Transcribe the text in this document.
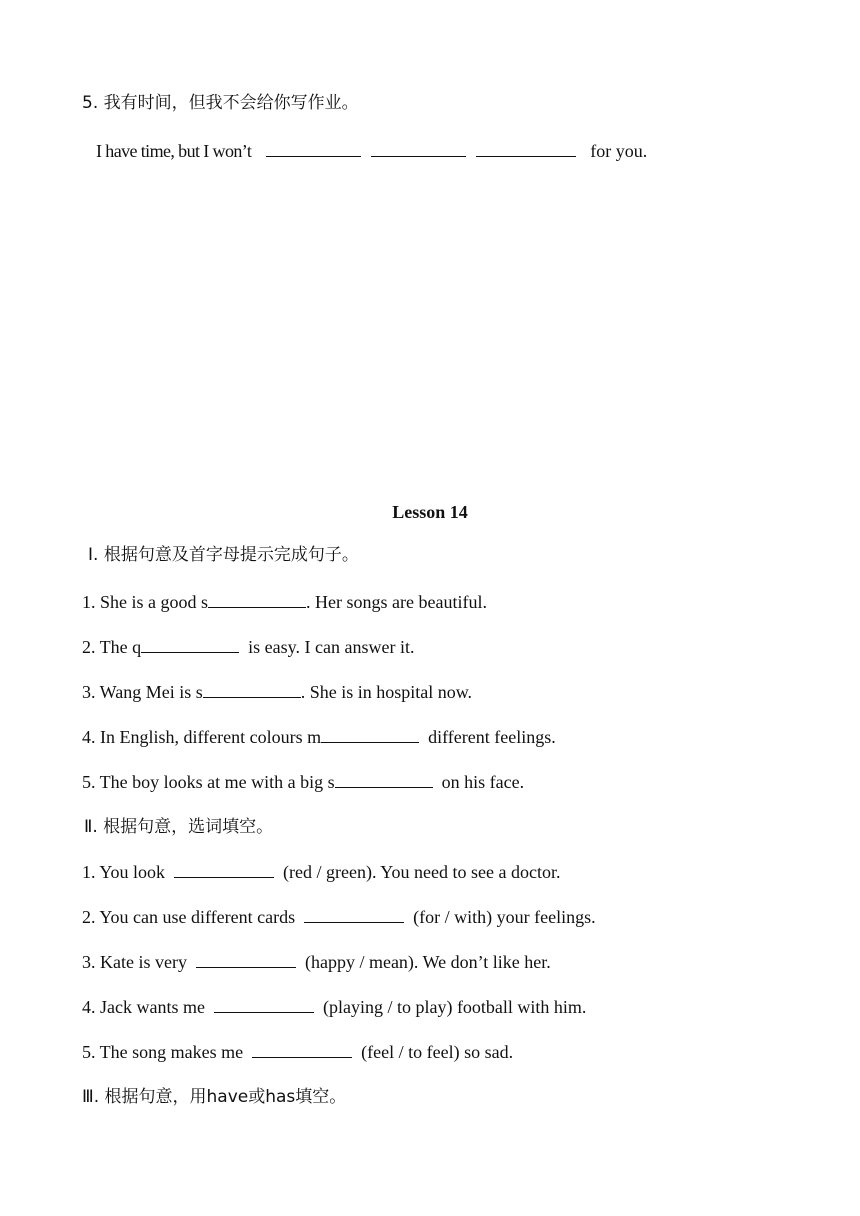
5. 我有时间，但我不会给你写作业。
I have time, but I won’t	for you.
Lesson 14
Ⅰ. 根据句意及首字母提示完成句子。
1. She is a good s	. Her songs are beautiful.
2. The q	is easy. I can answer it.
3. Wang Mei is s	. She is in hospital now.
4. In English, different colours m	different feelings.
5. The boy looks at me with a big s	on his face.
Ⅱ. 根据句意，选词填空。
1. You look	(red / green). You need to see a doctor.
2. You can use different cards	(for / with) your feelings.
3. Kate is very	(happy / mean). We don’t like her.
4. Jack wants me	(playing / to play) football with him.
5. The song makes me	(feel / to feel) so sad.
Ⅲ. 根据句意，用have或has填空。
